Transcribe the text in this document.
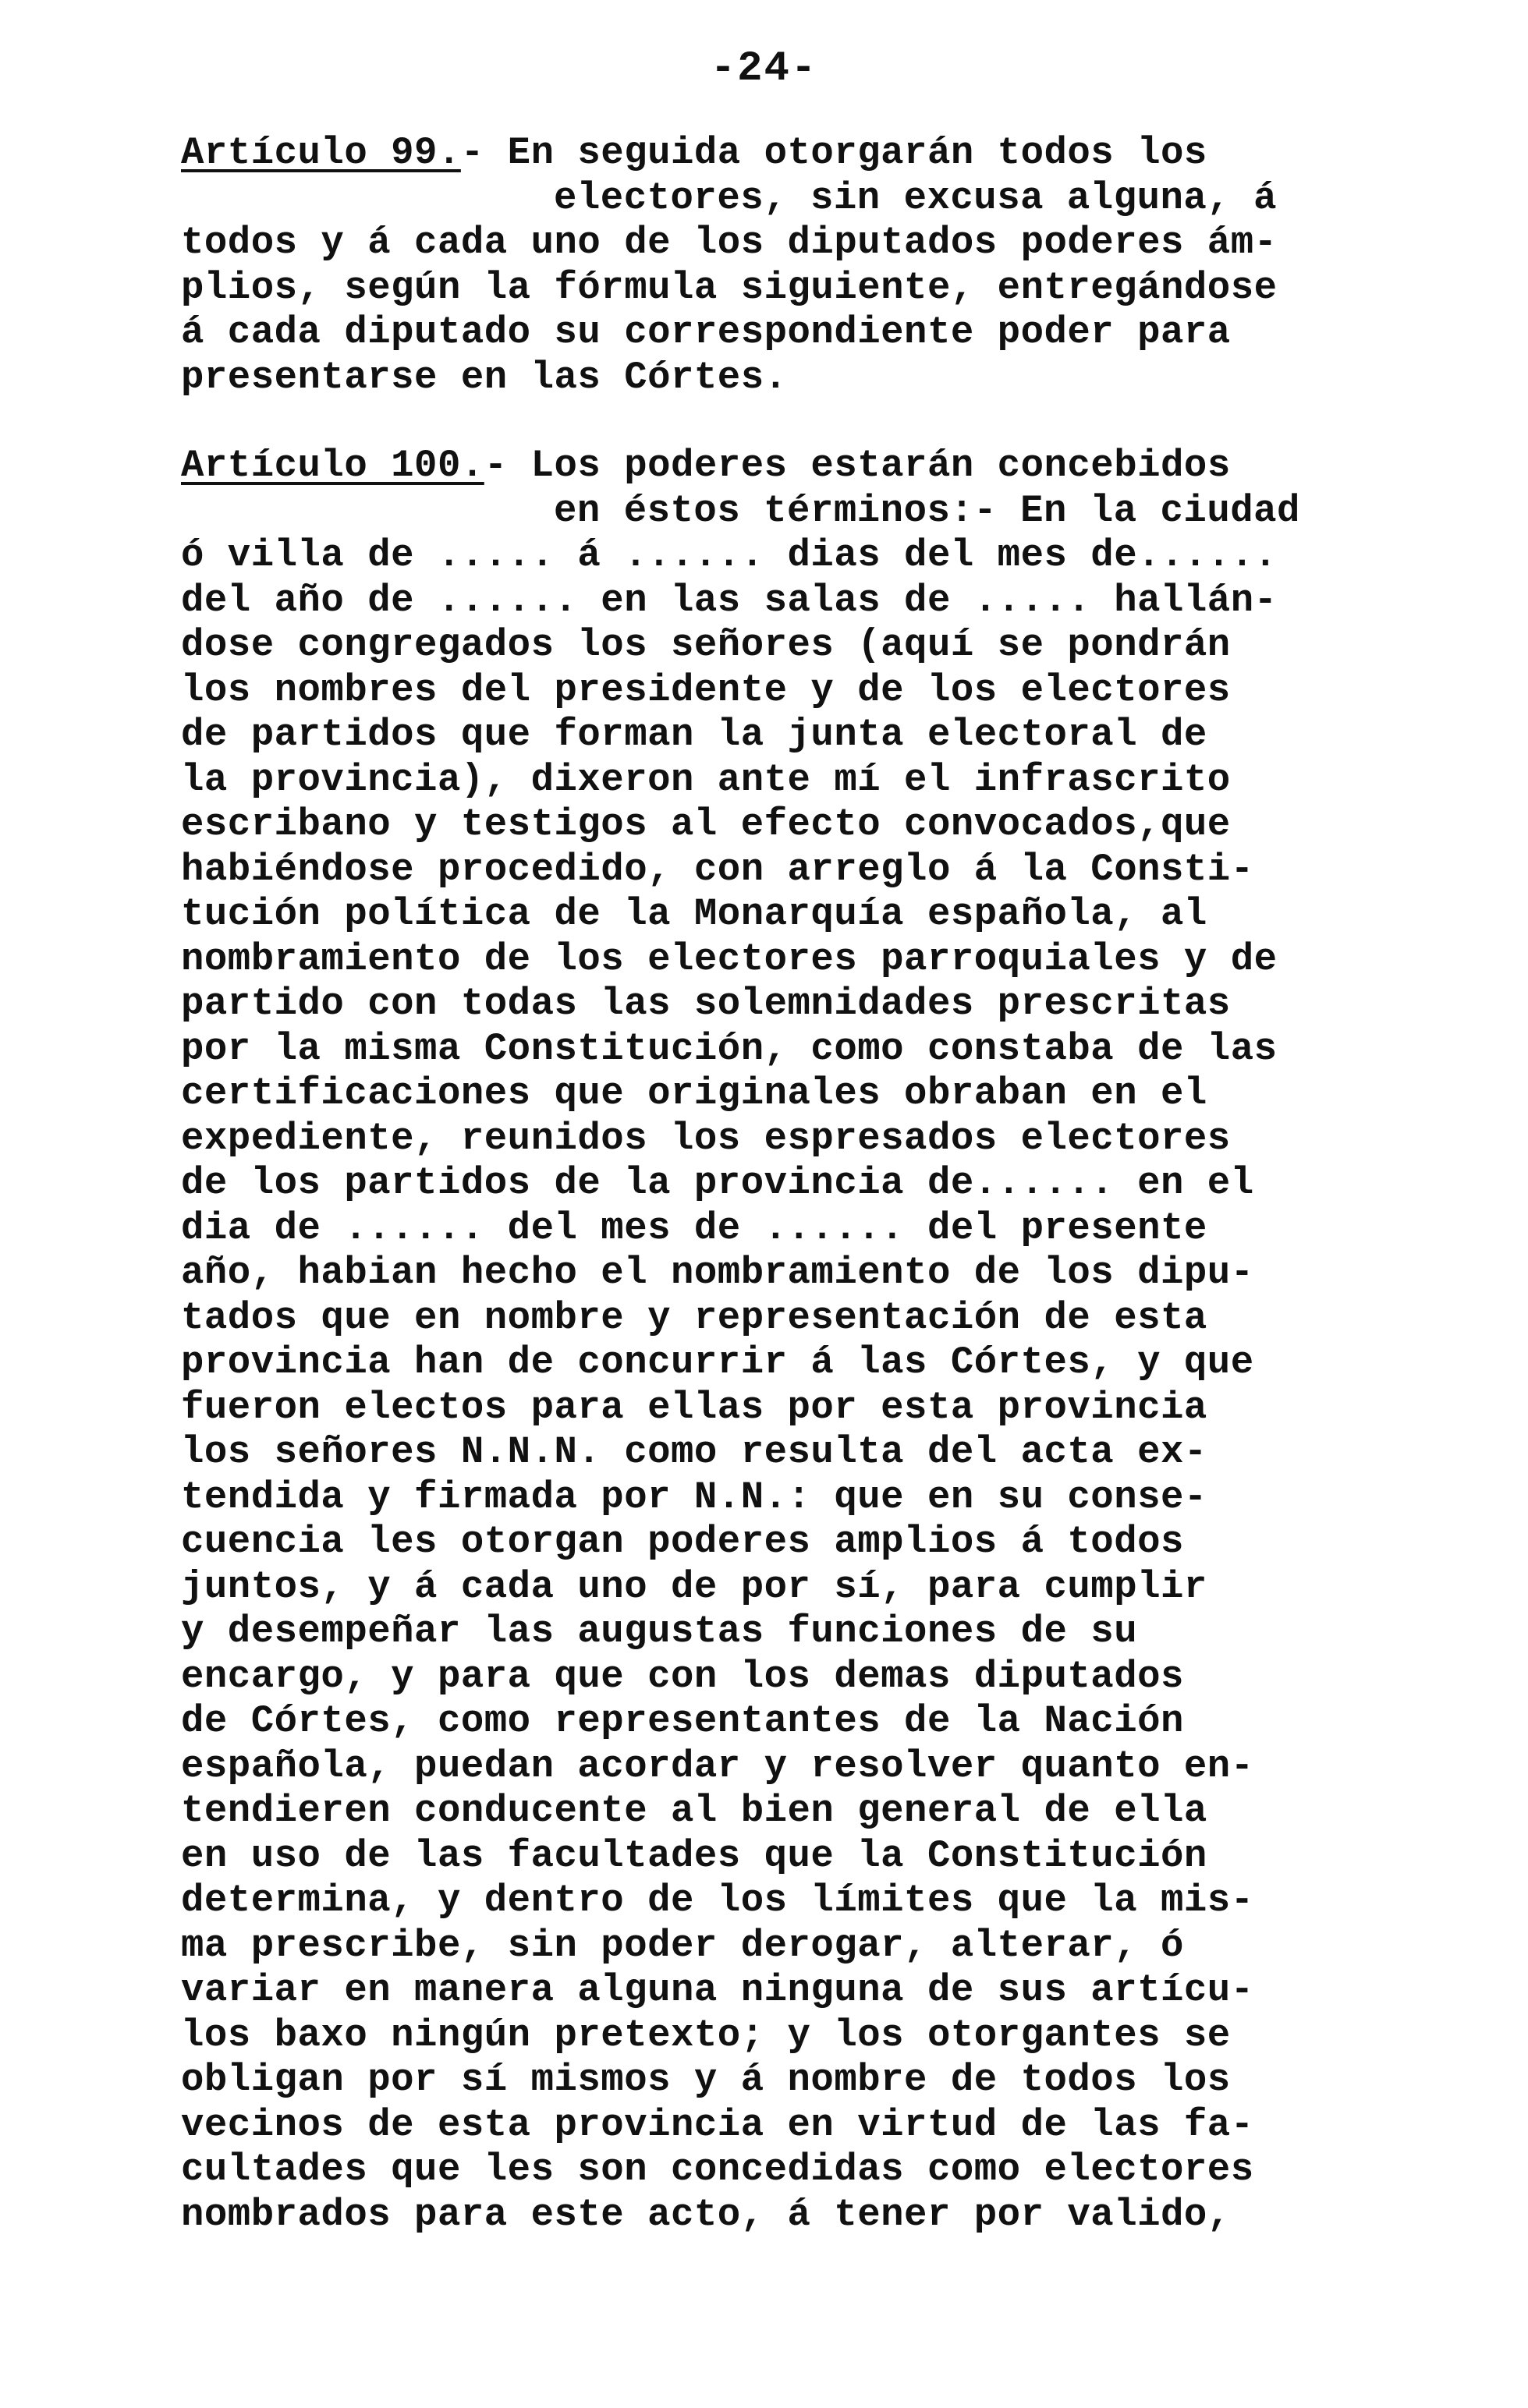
-24-
Artículo 99.- En seguida otorgarán todos los
electores, sin excusa alguna, á
todos y á cada uno de los diputados poderes ám-
plios, según la fórmula siguiente, entregándose
á cada diputado su correspondiente poder para
presentarse en las Córtes.
Artículo 100.- Los poderes estarán concebidos
en éstos términos:- En la ciudad
ó villa de ..... á ...... dias del mes de......
del año de ...... en las salas de ..... hallán-
dose congregados los señores (aquí se pondrán
los nombres del presidente y de los electores
de partidos que forman la junta electoral de
la provincia), dixeron ante mí el infrascrito
escribano y testigos al efecto convocados,que
habiéndose procedido, con arreglo á la Consti-
tución política de la Monarquía española, al
nombramiento de los electores parroquiales y de
partido con todas las solemnidades prescritas
por la misma Constitución, como constaba de las
certificaciones que originales obraban en el
expediente, reunidos los espresados electores
de los partidos de la provincia de...... en el
dia de ...... del mes de ...... del presente
año, habian hecho el nombramiento de los dipu-
tados que en nombre y representación de esta
provincia han de concurrir á las Córtes, y que
fueron electos para ellas por esta provincia
los señores N.N.N. como resulta del acta ex-
tendida y firmada por N.N.: que en su conse-
cuencia les otorgan poderes amplios á todos
juntos, y á cada uno de por sí, para cumplir
y desempeñar las augustas funciones de su
encargo, y para que con los demas diputados
de Córtes, como representantes de la Nación
española, puedan acordar y resolver quanto en-
tendieren conducente al bien general de ella
en uso de las facultades que la Constitución
determina, y dentro de los límites que la mis-
ma prescribe, sin poder derogar, alterar, ó
variar en manera alguna ninguna de sus artícu-
los baxo ningún pretexto; y los otorgantes se
obligan por sí mismos y á nombre de todos los
vecinos de esta provincia en virtud de las fa-
cultades que les son concedidas como electores
nombrados para este acto, á tener por valido,
